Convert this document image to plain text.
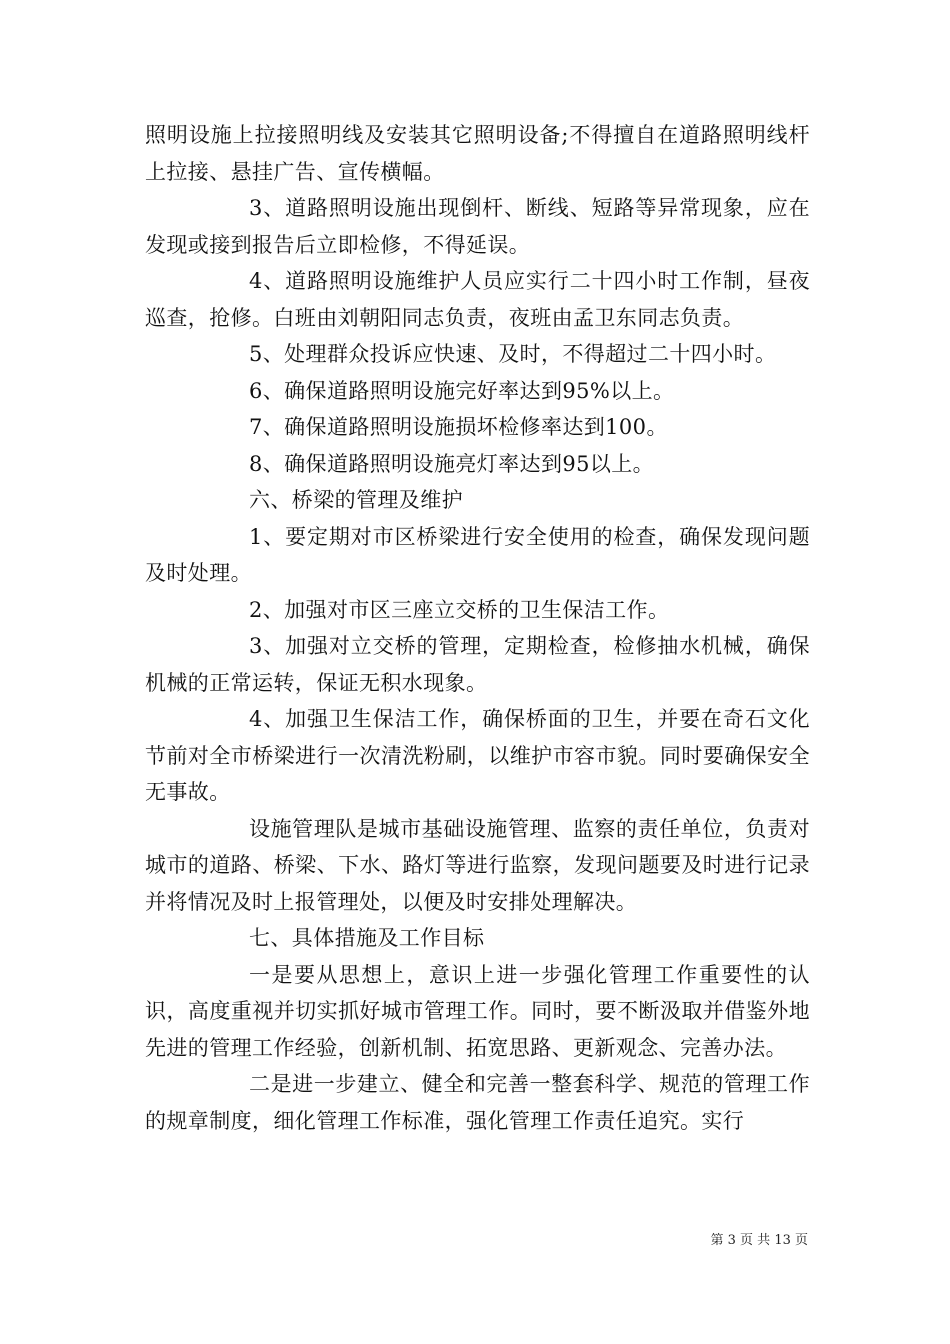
照明设施上拉接照明线及安装其它照明设备;不得擅自在道路照明线杆上拉接、悬挂广告、宣传横幅。

3、道路照明设施出现倒杆、断线、短路等异常现象，应在发现或接到报告后立即检修，不得延误。

4、道路照明设施维护人员应实行二十四小时工作制，昼夜巡查，抢修。白班由刘朝阳同志负责，夜班由孟卫东同志负责。

5、处理群众投诉应快速、及时，不得超过二十四小时。

6、确保道路照明设施完好率达到95%以上。

7、确保道路照明设施损坏检修率达到100。

8、确保道路照明设施亮灯率达到95以上。

六、桥梁的管理及维护

1、要定期对市区桥梁进行安全使用的检查，确保发现问题及时处理。

2、加强对市区三座立交桥的卫生保洁工作。

3、加强对立交桥的管理，定期检查，检修抽水机械，确保机械的正常运转，保证无积水现象。

4、加强卫生保洁工作，确保桥面的卫生，并要在奇石文化节前对全市桥梁进行一次清洗粉刷，以维护市容市貌。同时要确保安全无事故。

设施管理队是城市基础设施管理、监察的责任单位，负责对城市的道路、桥梁、下水、路灯等进行监察，发现问题要及时进行记录并将情况及时上报管理处，以便及时安排处理解决。

七、具体措施及工作目标

一是要从思想上，意识上进一步强化管理工作重要性的认识，高度重视并切实抓好城市管理工作。同时，要不断汲取并借鉴外地先进的管理工作经验，创新机制、拓宽思路、更新观念、完善办法。

二是进一步建立、健全和完善一整套科学、规范的管理工作的规章制度，细化管理工作标准，强化管理工作责任追究。实行

第 3 页 共 13 页
